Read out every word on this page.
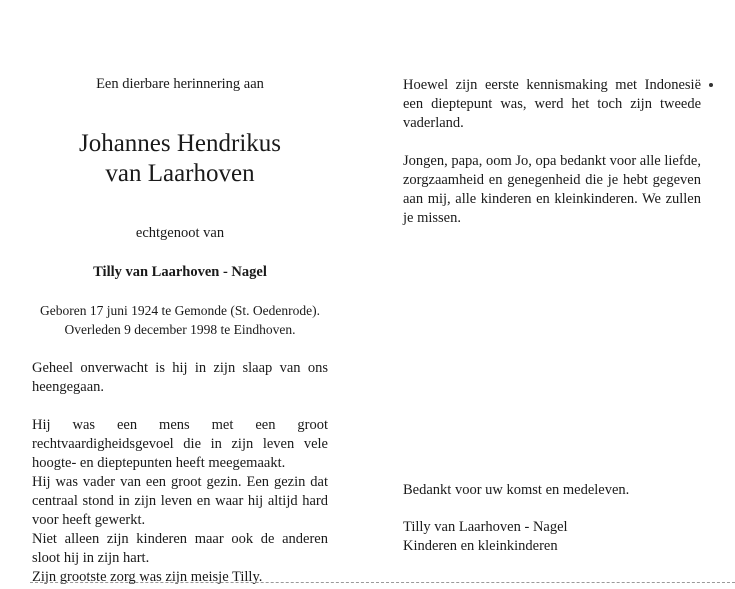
Een dierbare herinnering aan
Johannes Hendrikus
van Laarhoven
echtgenoot van
Tilly van Laarhoven - Nagel
Geboren 17 juni 1924 te Gemonde (St. Oedenrode).
Overleden 9 december 1998 te Eindhoven.
Geheel onverwacht is hij in zijn slaap van ons heengegaan.
Hij was een mens met een groot rechtvaardigheidsgevoel die in zijn leven vele hoogte- en dieptepunten heeft meegemaakt.
Hij was vader van een groot gezin. Een gezin dat centraal stond in zijn leven en waar hij altijd hard voor heeft gewerkt.
Niet alleen zijn kinderen maar ook de anderen sloot hij in zijn hart.
Zijn grootste zorg was zijn meisje Tilly.
Hoewel zijn eerste kennismaking met Indonesië een dieptepunt was, werd het toch zijn tweede vaderland.
Jongen, papa, oom Jo, opa bedankt voor alle liefde, zorgzaamheid en genegenheid die je hebt gegeven aan mij, alle kinderen en kleinkinderen. We zullen je missen.
Bedankt voor uw komst en medeleven.
Tilly van Laarhoven - Nagel
Kinderen en kleinkinderen
